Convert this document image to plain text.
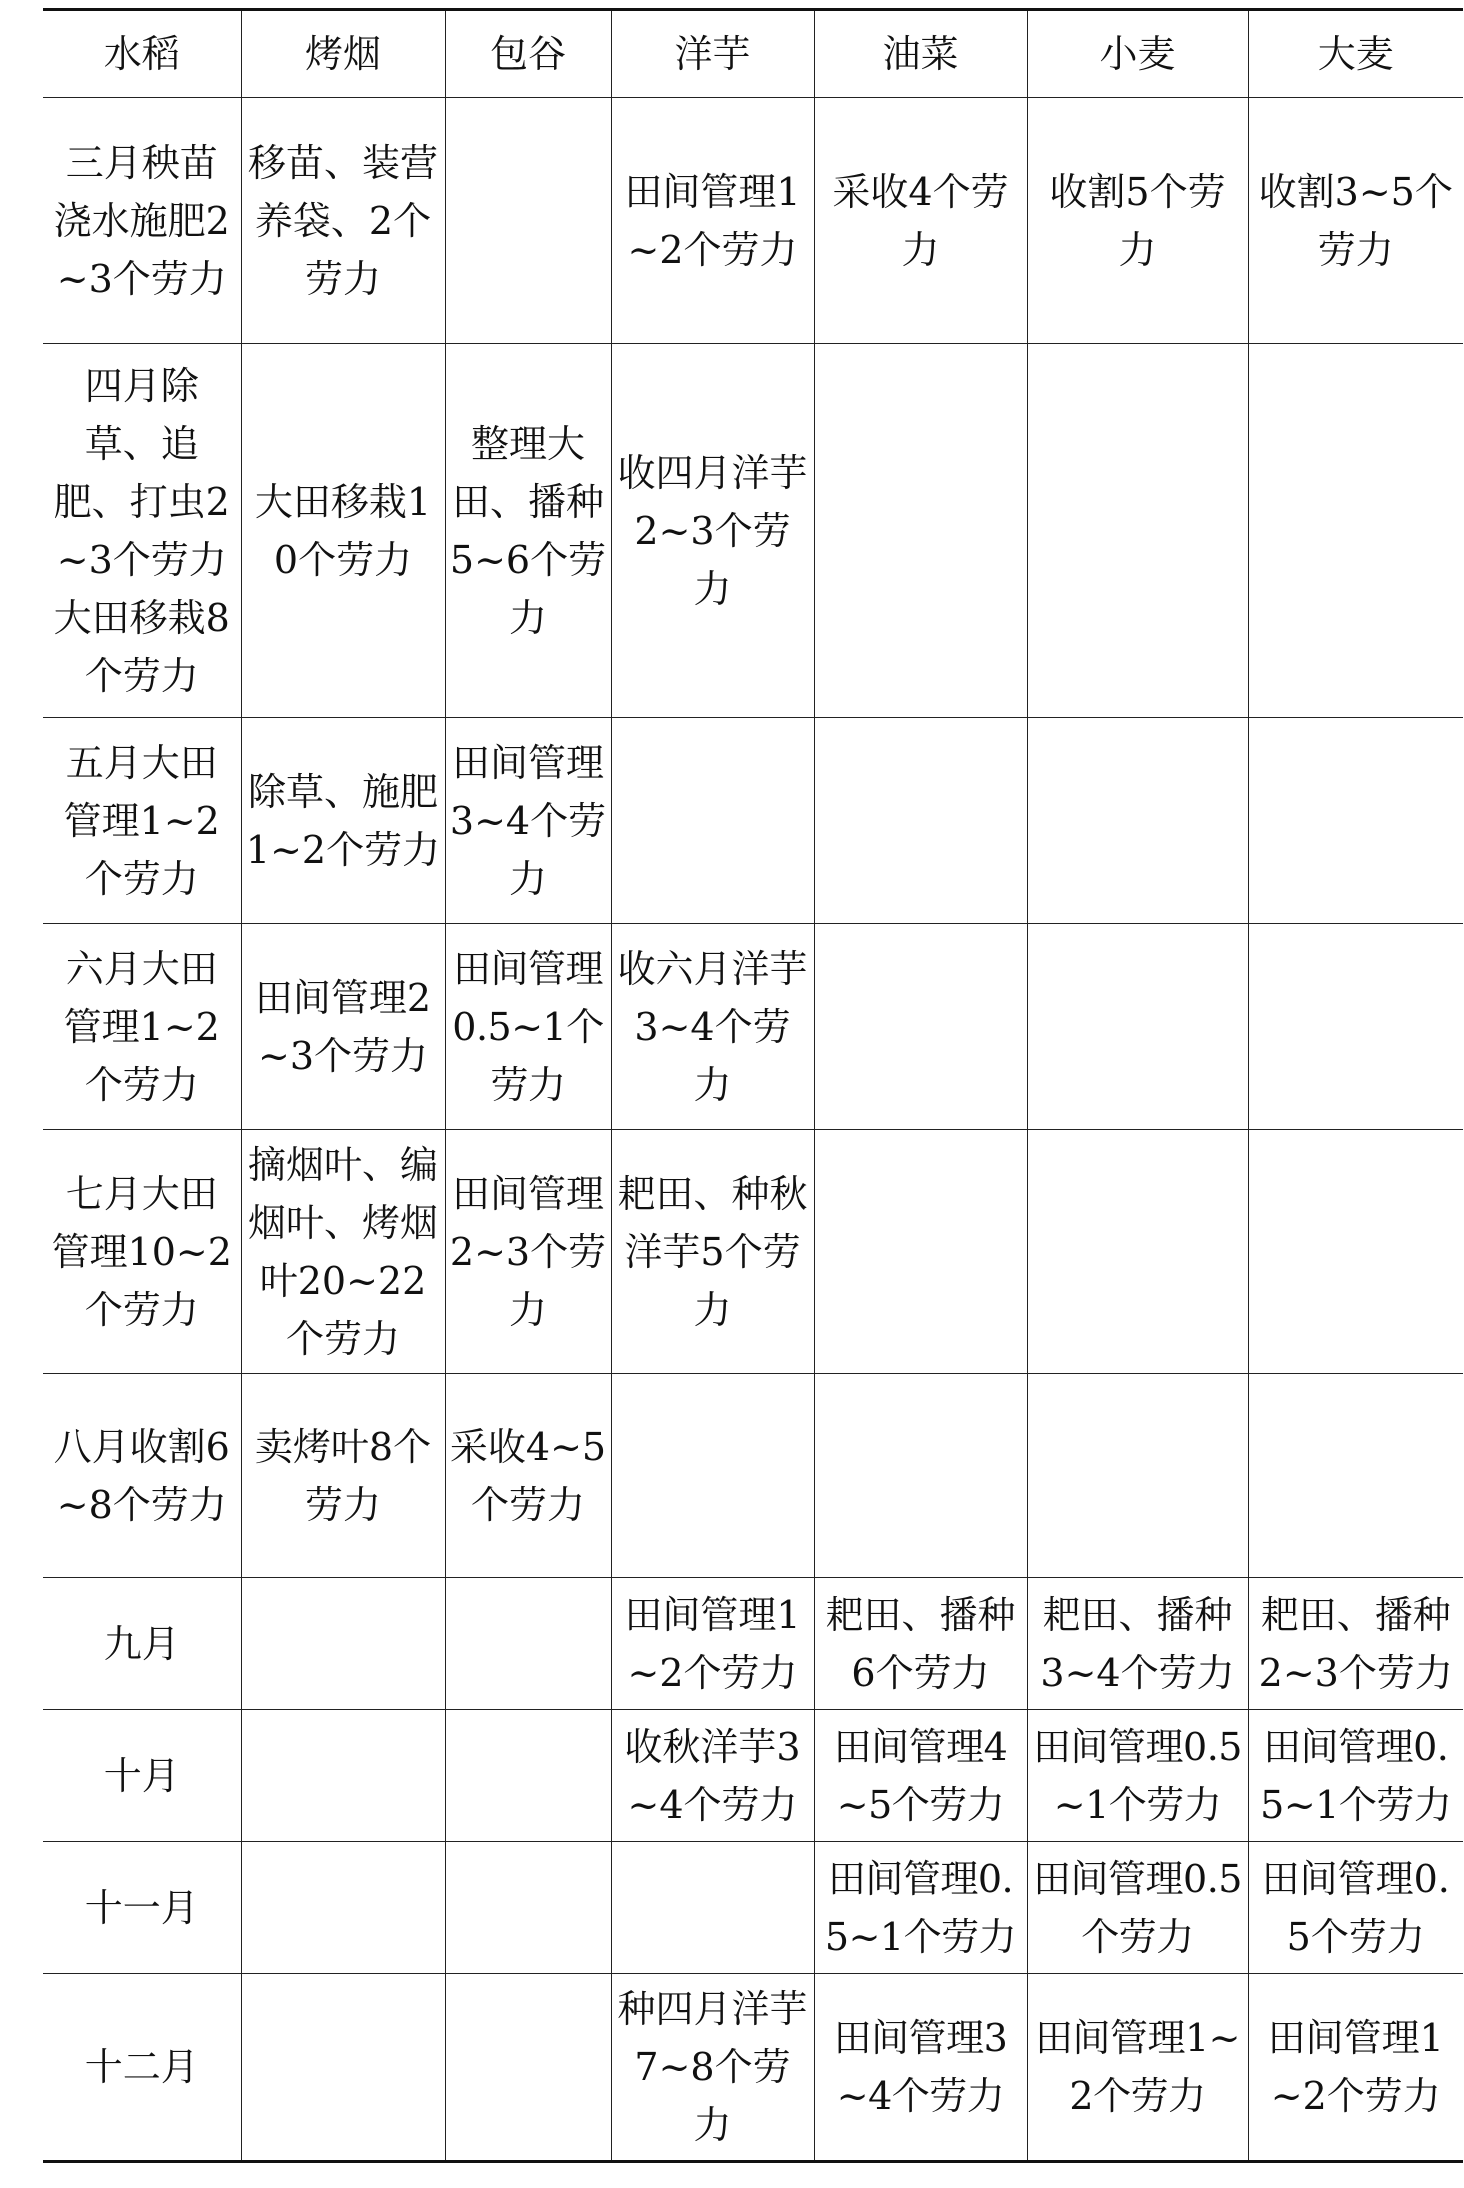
水稻	烤烟	包谷	洋芋	油菜	小麦	大麦
三月秧苗浇水施肥2~3个劳力	移苗、装营养袋、2个劳力		田间管理1~2个劳力	采收4个劳力	收割5个劳力	收割3~5个劳力
四月除草、追肥、打虫2~3个劳力大田移栽8个劳力	大田移栽10个劳力	整理大田、播种5~6个劳力	收四月洋芋2~3个劳力			
五月大田管理1~2个劳力	除草、施肥1~2个劳力	田间管理3~4个劳力				
六月大田管理1~2个劳力	田间管理2~3个劳力	田间管理0.5~1个劳力	收六月洋芋3~4个劳力			
七月大田管理10~2个劳力	摘烟叶、编烟叶、烤烟叶20~22个劳力	田间管理2~3个劳力	耙田、种秋洋芋5个劳力			
八月收割6~8个劳力	卖烤叶8个劳力	采收4~5个劳力				
九月			田间管理1~2个劳力	耙田、播种6个劳力	耙田、播种3~4个劳力	耙田、播种2~3个劳力
十月			收秋洋芋3~4个劳力	田间管理4~5个劳力	田间管理0.5~1个劳力	田间管理0.5~1个劳力
十一月				田间管理0.5~1个劳力	田间管理0.5个劳力	田间管理0.5个劳力
十二月			种四月洋芋7~8个劳力	田间管理3~4个劳力	田间管理1~2个劳力	田间管理1~2个劳力
